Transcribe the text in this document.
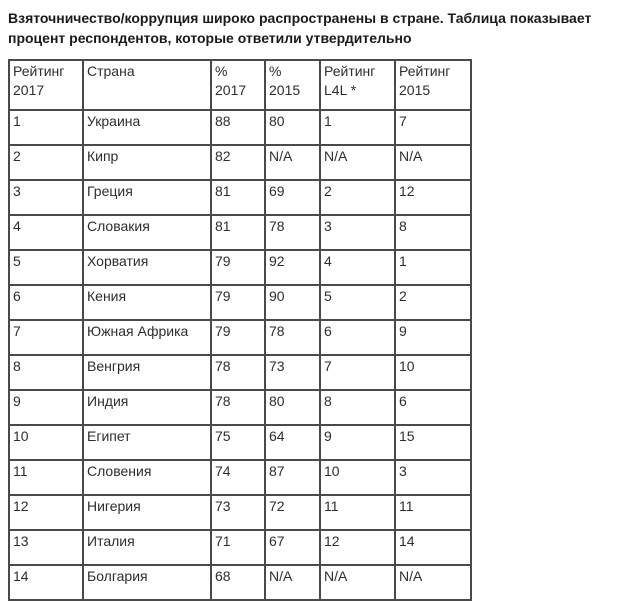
Взяточничество/коррупция широко распространены в стране. Таблица показывает процент респондентов, которые ответили утвердительно

Рейтинг 2017	Страна	% 2017	% 2015	Рейтинг L4L *	Рейтинг 2015
1	Украина	88	80	1	7
2	Кипр	82	N/A	N/A	N/A
3	Греция	81	69	2	12
4	Словакия	81	78	3	8
5	Хорватия	79	92	4	1
6	Кения	79	90	5	2
7	Южная Африка	79	78	6	9
8	Венгрия	78	73	7	10
9	Индия	78	80	8	6
10	Египет	75	64	9	15
11	Словения	74	87	10	3
12	Нигерия	73	72	11	11
13	Италия	71	67	12	14
14	Болгария	68	N/A	N/A	N/A
